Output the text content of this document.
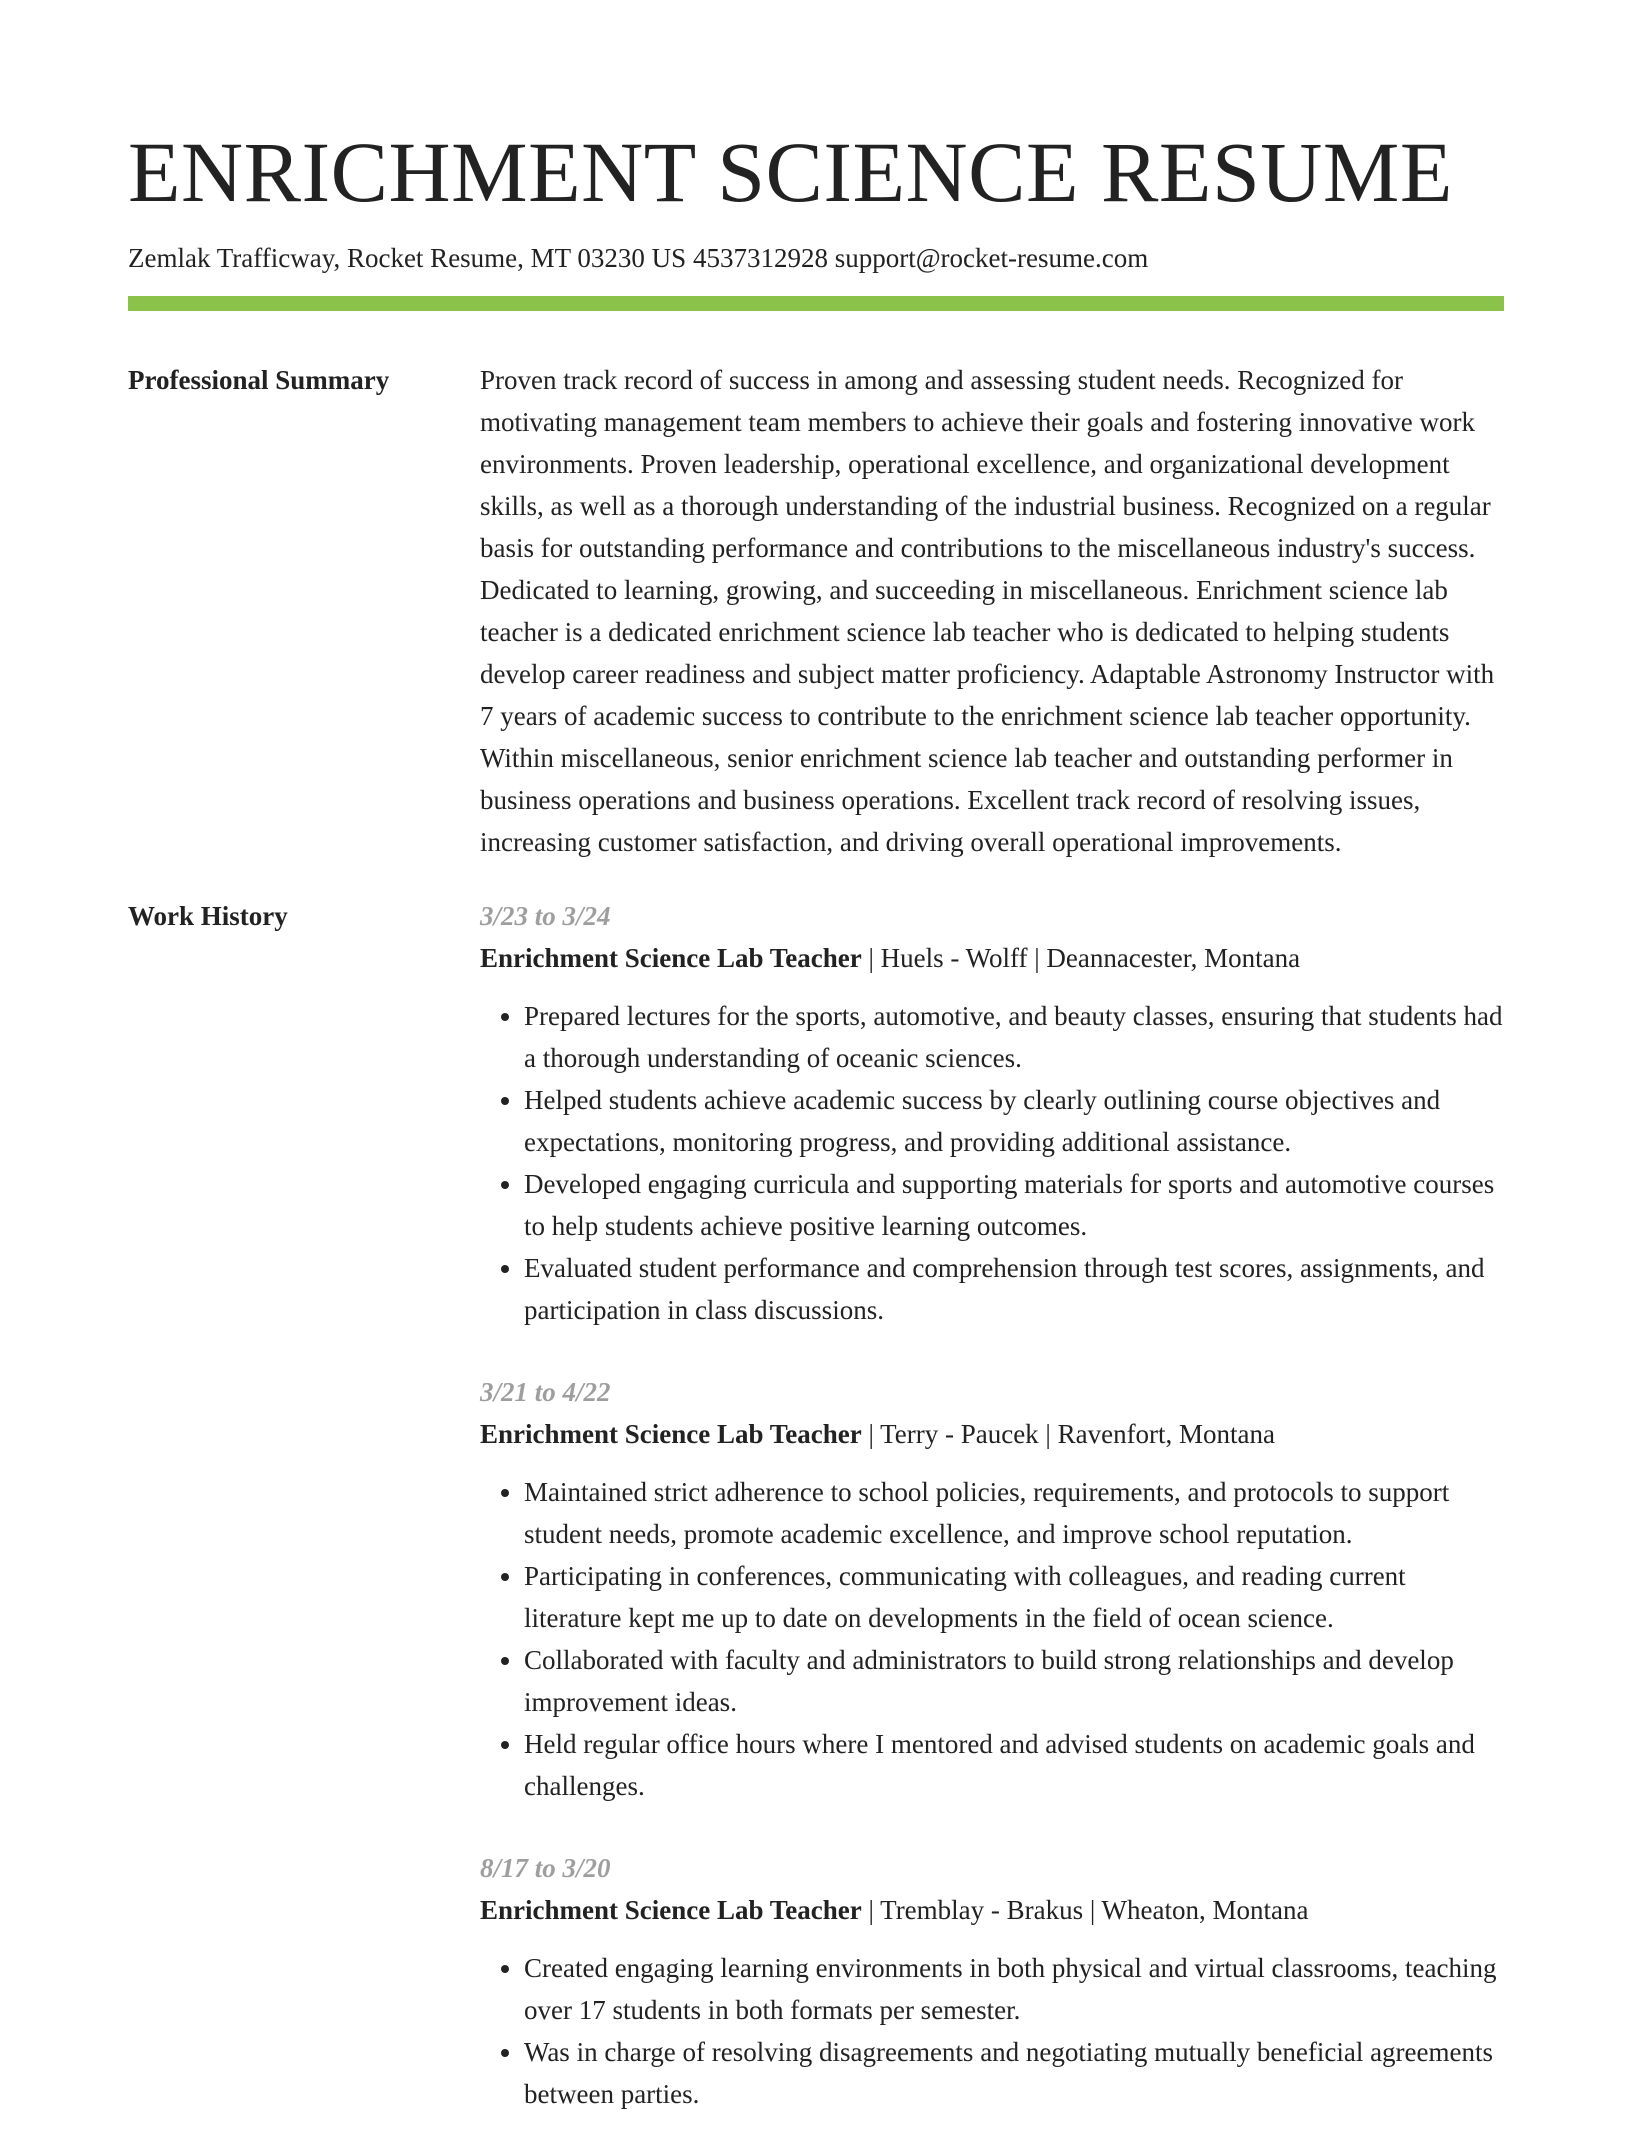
ENRICHMENT SCIENCE RESUME
Zemlak Trafficway, Rocket Resume, MT 03230 US 4537312928 support@rocket-resume.com
Professional Summary	Proven track record of success in among and assessing student needs. Recognized for motivating management team members to achieve their goals and fostering innovative work environments. Proven leadership, operational excellence, and organizational development skills, as well as a thorough understanding of the industrial business. Recognized on a regular basis for outstanding performance and contributions to the miscellaneous industry's success. Dedicated to learning, growing, and succeeding in miscellaneous. Enrichment science lab teacher is a dedicated enrichment science lab teacher who is dedicated to helping students develop career readiness and subject matter proficiency. Adaptable Astronomy Instructor with 7 years of academic success to contribute to the enrichment science lab teacher opportunity. Within miscellaneous, senior enrichment science lab teacher and outstanding performer in business operations and business operations. Excellent track record of resolving issues, increasing customer satisfaction, and driving overall operational improvements.

Work History	3/23 to 3/24
Enrichment Science Lab Teacher | Huels - Wolff | Deannacester, Montana
• Prepared lectures for the sports, automotive, and beauty classes, ensuring that students had a thorough understanding of oceanic sciences.
• Helped students achieve academic success by clearly outlining course objectives and expectations, monitoring progress, and providing additional assistance.
• Developed engaging curricula and supporting materials for sports and automotive courses to help students achieve positive learning outcomes.
• Evaluated student performance and comprehension through test scores, assignments, and participation in class discussions.
3/21 to 4/22
Enrichment Science Lab Teacher | Terry - Paucek | Ravenfort, Montana
• Maintained strict adherence to school policies, requirements, and protocols to support student needs, promote academic excellence, and improve school reputation.
• Participating in conferences, communicating with colleagues, and reading current literature kept me up to date on developments in the field of ocean science.
• Collaborated with faculty and administrators to build strong relationships and develop improvement ideas.
• Held regular office hours where I mentored and advised students on academic goals and challenges.
8/17 to 3/20
Enrichment Science Lab Teacher | Tremblay - Brakus | Wheaton, Montana
• Created engaging learning environments in both physical and virtual classrooms, teaching over 17 students in both formats per semester.
• Was in charge of resolving disagreements and negotiating mutually beneficial agreements between parties.
